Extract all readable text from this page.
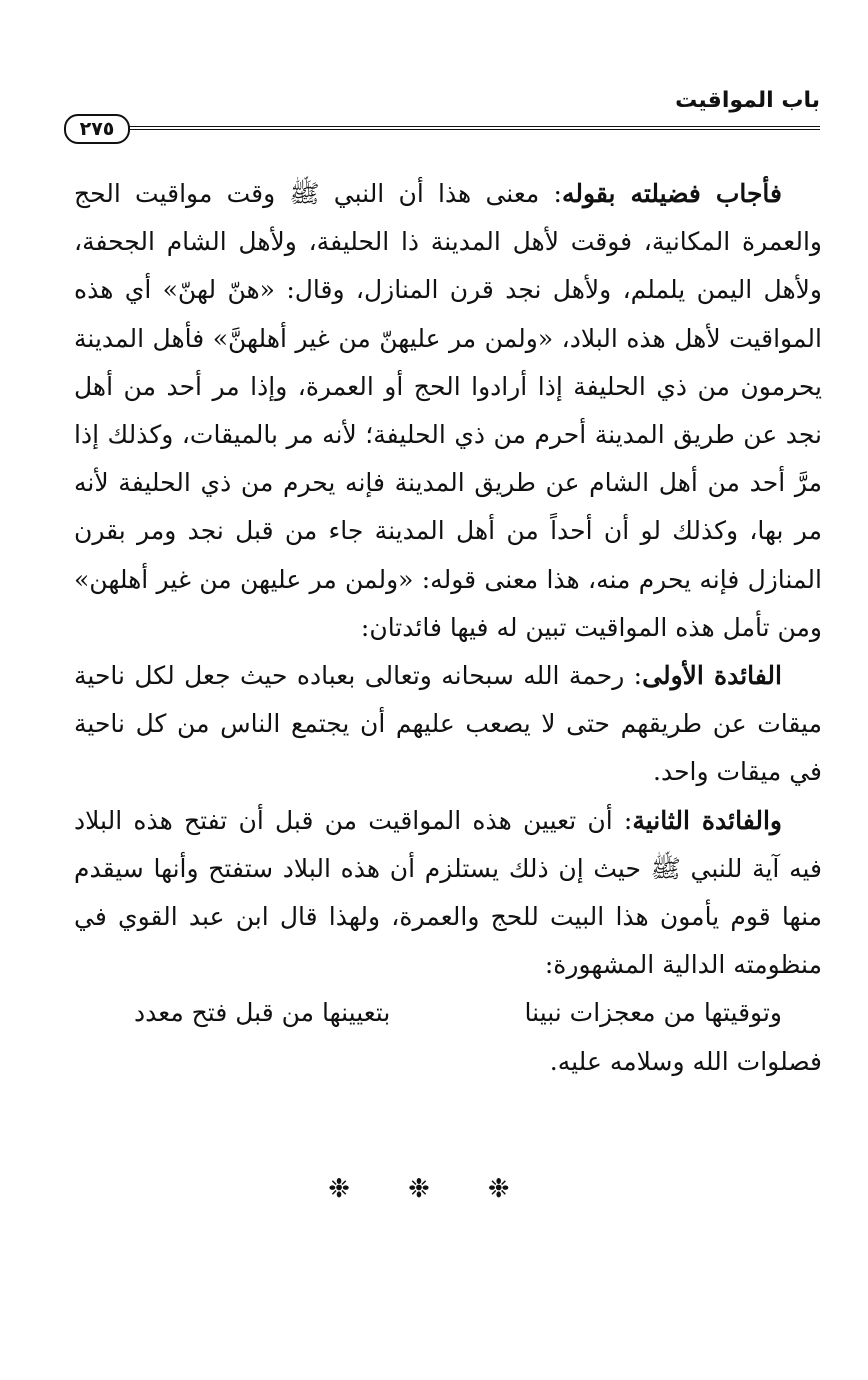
باب المواقيت
٢٧٥

فأجاب فضيلته بقوله: معنى هذا أن النبي ﷺ وقت مواقيت الحج والعمرة المكانية، فوقت لأهل المدينة ذا الحليفة، ولأهل الشام الجحفة، ولأهل اليمن يلملم، ولأهل نجد قرن المنازل، وقال: «هنّ لهنّ» أي هذه المواقيت لأهل هذه البلاد، «ولمن مر عليهنّ من غير أهلهنَّ» فأهل المدينة يحرمون من ذي الحليفة إذا أرادوا الحج أو العمرة، وإذا مر أحد من أهل نجد عن طريق المدينة أحرم من ذي الحليفة؛ لأنه مر بالميقات، وكذلك إذا مرَّ أحد من أهل الشام عن طريق المدينة فإنه يحرم من ذي الحليفة لأنه مر بها، وكذلك لو أن أحداً من أهل المدينة جاء من قبل نجد ومر بقرن المنازل فإنه يحرم منه، هذا معنى قوله: «ولمن مر عليهن من غير أهلهن» ومن تأمل هذه المواقيت تبين له فيها فائدتان:

الفائدة الأولى: رحمة الله سبحانه وتعالى بعباده حيث جعل لكل ناحية ميقات عن طريقهم حتى لا يصعب عليهم أن يجتمع الناس من كل ناحية في ميقات واحد.

والفائدة الثانية: أن تعيين هذه المواقيت من قبل أن تفتح هذه البلاد فيه آية للنبي ﷺ حيث إن ذلك يستلزم أن هذه البلاد ستفتح وأنها سيقدم منها قوم يأمون هذا البيت للحج والعمرة، ولهذا قال ابن عبد القوي في منظومته الدالية المشهورة:

وتوقيتها من معجزات نبينا
بتعيينها من قبل فتح معدد

فصلوات الله وسلامه عليه.

❉ ❉ ❉
